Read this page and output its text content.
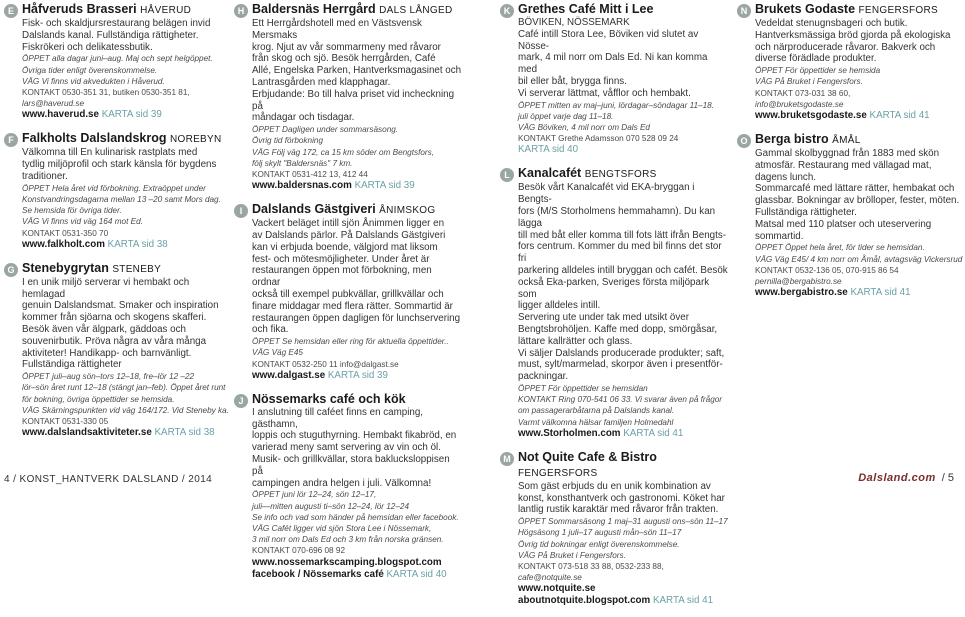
E Håfveruds Brasseri HÅVERUD
Fisk- och skaldjursrestaurang belägen invid
Dalslands kanal. Fullständiga rättigheter.
Fiskrökeri och delikatessbutik.
ÖPPET alla dagar juni–aug. Maj och sept helgöppet.
Övriga tider enligt överenskommelse.
VÄG Vi finns vid akvedukten i Håverud.
KONTAKT 0530-351 31, butiken 0530-351 81,
lars@haverud.se
www.haverud.se KARTA sid 39
F Falkholts Dalslandskrog NOREBYN
Välkomna till En kulinarisk rastplats med
tydlig miljöprofil och stark känsla för bygdens
traditioner.
ÖPPET Hela året vid förbokning. Extraöppet under
Konstvandringsdagarna mellan 13 –20 samt Mors dag.
Se hemsida för övriga tider.
VÄG Vi finns vid väg 164 mot Ed.
KONTAKT 0531-350 70
www.falkholt.com KARTA sid 38
G Stenebygrytan STENEBY
I en unik miljö serverar vi hembakt och hemlagad
genuin Dalslandsmat. Smaker och inspiration
kommer från sjöarna och skogens skafferi.
Besök även vår älgpark, gäddoas och
souvenirbutik. Pröva några av våra många
aktiviteter! Handikapp- och barnvänligt.
Fullständiga rättigheter
ÖPPET juli–aug sön–tors 12–18, fre–lör 12 –22
lör–sön året runt 12–18 (stängt jan–feb). Öppet året runt
för bokning, övriga öppettider se hemsida.
VÄG Skärningspunkten vid väg 164/172. Vid Steneby ka.
KONTAKT 0531-330 05
www.dalslandsaktiviteter.se KARTA sid 38
H Baldersnäs Herrgård DALS LÅNGED
Ett Herrgårdshotell med en Västsvensk Mersmaks
krog. Njut av vår sommarmeny med råvaror
från skog och sjö. Besök herrgården, Café
Allé, Engelska Parken, Hantverksmagasinet och
Lantrasgården med klapphagar.
Erbjudande: Bo till halva priset vid incheckning på
måndagar och tisdagar.
ÖPPET Dagligen under sommarsäsong.
Övrig tid förbokning
VÄG Följ väg 172, ca 15 km söder om Bengtsfors,
följ skylt "Baldersnäs" 7 km.
KONTAKT 0531-412 13, 412 44
www.baldersnas.com KARTA sid 39
I Dalslands Gästgiveri ÅNIMSKOG
Vackert beläget intill sjön Ånimmen ligger en
av Dalslands pärlor. På Dalslands Gästgiveri
kan vi erbjuda boende, välgjord mat liksom
fest- och mötesmöjligheter. Under året är
restaurangen öppen mot förbokning, men ordnar
också till exempel pubkvällar, grillkvällar och
finare middagar med flera rätter. Sommartid är
restaurangen öppen dagligen för lunchservering
och fika.
ÖPPET Se hemsidan eller ring för aktuella öppettider..
VÄG Väg E45
KONTAKT 0532-250 11 info@dalgast.se
www.dalgast.se KARTA sid 39
J Nössemarks café och kök
I anslutning till caféet finns en camping, gästhamn,
loppis och stuguthyrning. Hembakt fikabröd, en
varierad meny samt servering av vin och öl.
Musik- och grillkvällar, stora baklucksloppisen på
campingen andra helgen i juli. Välkomna!
ÖPPET juni lör 12–24, sön 12–17,
juli—mitten augusti ti–sön 12–24, lör 12–24
Se info och vad som händer på hemsidan eller facebook.
VÄG Cafét ligger vid sjön Stora Lee i Nössemark,
3 mil norr om Dals Ed och 3 km från norska gränsen.
KONTAKT 070-696 08 92
www.nossemarkscamping.blogspot.com
facebook / Nössemarks café KARTA sid 40
K Grethes Café Mitt i Lee
BÖVIKEN, NÖSSEMARK
Café intill Stora Lee, Böviken vid slutet av Nösse-
mark, 4 mil norr om Dals Ed. Ni kan komma med
bil eller båt, brygga finns.
Vi serverar lättmat, våfflor och hembakt.
ÖPPET mitten av maj–juni, lördagar–söndagar 11–18.
juli öppet varje dag 11–18.
VÄG Böviken, 4 mil norr om Dals Ed
KONTAKT Grethe Adamsson 070 528 09 24
KARTA sid 40
L Kanalcafét BENGTSFORS
Besök vårt Kanalcafét vid EKA-bryggan i Bengts-
fors (M/S Storholmens hemmahamn). Du kan lägga
till med båt eller komma till fots lätt ifrån Bengts-
fors centrum. Kommer du med bil finns det stor fri
parkering alldeles intill bryggan och cafét. Besök
också Eka-parken, Sveriges första miljöpark som
ligger alldeles intill.
Servering ute under tak med utsikt över
Bengtsbrohöljen. Kaffe med dopp, smörgåsar,
lättare kallrätter och glass.
Vi säljer Dalslands producerade produkter; saft,
must, sylt/marmelad, skorpor även i presentför-
packningar.
ÖPPET För öppettider se hemsidan
KONTAKT Ring 070-541 06 33. Vi svarar även på frågor
om passagerarbåtarna på Dalslands kanal.
Varmt välkomna hälsar familjen Holmedahl
www.Storholmen.com KARTA sid 41
M Not Quite Cafe & Bistro FENGERSFORS
Som gäst erbjuds du en unik kombination av
konst, konsthantverk och gastronomi. Köket har
lantlig rustik karaktär med råvaror från trakten.
ÖPPET Sommarsäsong 1 maj–31 augusti ons–sön 11–17
Högsäsong 1 juli–17 augusti mån–sön 11–17
Övrig tid bokningar enligt överenskommelse.
VÄG På Bruket i Fengersfors.
KONTAKT 073-518 33 88, 0532-233 88,
cafe@notquite.se
www.notquite.se
aboutnotquite.blogspot.com KARTA sid 41
N Brukets Godaste FENGERSFORS
Vedeldat stenugnsbageri och butik.
Hantverksmässiga bröd gjorda på ekologiska
och närproducerade råvaror. Bakverk och
diverse förädlade produkter.
ÖPPET För öppettider se hemsida
VÄG På Bruket i Fengersfors.
KONTAKT 073-031 38 60,
info@bruketsgodaste.se
www.bruketsgodaste.se KARTA sid 41
O Berga bistro ÅMÅL
Gammal skolbyggnad från 1883 med skön
atmosfär. Restaurang med vällagad mat,
dagens lunch.
Sommarcafé med lättare rätter, hembakat och
glassbar. Bokningar av brölloper, fester, möten.
Fullständiga rättigheter.
Matsal med 110 platser och uteservering
sommartid.
ÖPPET Öppet hela året, för tider se hemsidan.
VÄG Väg E45/ 4 km norr om Åmål, avtagsväg Vickersrud
KONTAKT 0532-136 05, 070-915 86 54
pernilla@bergabistro.se
www.bergabistro.se KARTA sid 41
4 / KONST_HANTVERK DALSLAND / 2014	Dalsland.com / 5
